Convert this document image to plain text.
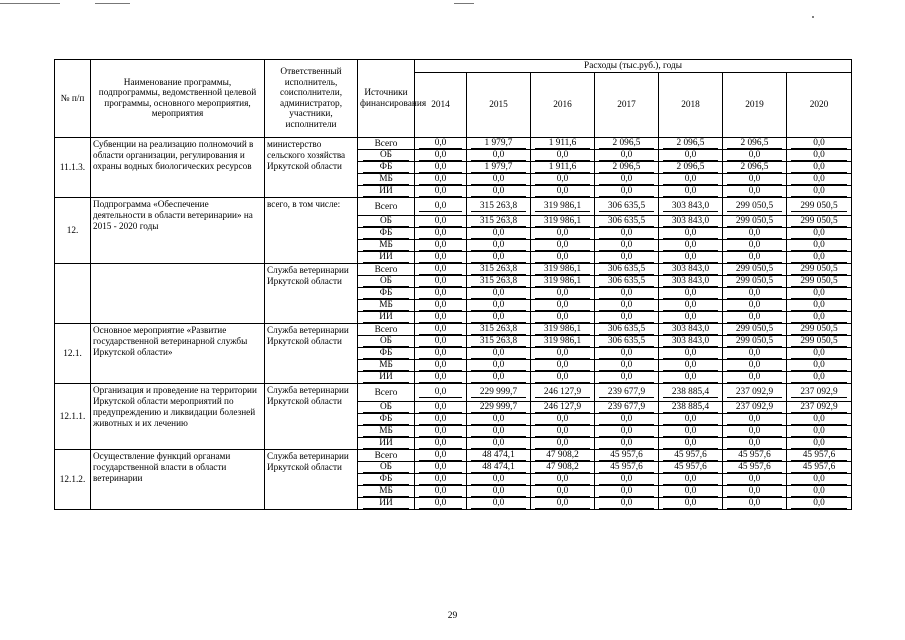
№ п/п	Наименование программы, подпрограммы, ведомственной целевой программы, основного мероприятия, мероприятия	Ответственный исполнитель, соисполнители, администратор, участники, исполнители	Источники финансирования	Расходы (тыс.руб.), годы						
				2014	2015	2016	2017	2018	2019	2020
11.1.3.	Субвенции на реализацию полномочий в области организации, регулирования и охраны водных биологических ресурсов	министерство сельского хозяйства Иркутской области	Всего	0,0	1 979,7	1 911,6	2 096,5	2 096,5	2 096,5	0,0

			ОБ	0,0	0,0	0,0	0,0	0,0	0,0	0,0

			ФБ	0,0	1 979,7	1 911,6	2 096,5	2 096,5	2 096,5	0,0

			МБ	0,0	0,0	0,0	0,0	0,0	0,0	0,0

			ИИ	0,0	0,0	0,0	0,0	0,0	0,0	0,0

12.	Подпрограмма «Обеспечение деятельности в области ветеринарии» на 2015 - 2020 годы	всего, в том числе:	Всего	0,0	315 263,8	319 986,1	306 635,5	303 843,0	299 050,5	299 050,5

			ОБ	0,0	315 263,8	319 986,1	306 635,5	303 843,0	299 050,5	299 050,5

			ФБ	0,0	0,0	0,0	0,0	0,0	0,0	0,0

			МБ	0,0	0,0	0,0	0,0	0,0	0,0	0,0

			ИИ	0,0	0,0	0,0	0,0	0,0	0,0	0,0

		Служба ветеринарии Иркутской области	Всего	0,0	315 263,8	319 986,1	306 635,5	303 843,0	299 050,5	299 050,5

			ОБ	0,0	315 263,8	319 986,1	306 635,5	303 843,0	299 050,5	299 050,5

			ФБ	0,0	0,0	0,0	0,0	0,0	0,0	0,0

			МБ	0,0	0,0	0,0	0,0	0,0	0,0	0,0

			ИИ	0,0	0,0	0,0	0,0	0,0	0,0	0,0

12.1.	Основное мероприятие «Развитие государственной ветеринарной службы Иркутской области»	Служба ветеринарии Иркутской области	Всего	0,0	315 263,8	319 986,1	306 635,5	303 843,0	299 050,5	299 050,5

			ОБ	0,0	315 263,8	319 986,1	306 635,5	303 843,0	299 050,5	299 050,5

			ФБ	0,0	0,0	0,0	0,0	0,0	0,0	0,0

			МБ	0,0	0,0	0,0	0,0	0,0	0,0	0,0

			ИИ	0,0	0,0	0,0	0,0	0,0	0,0	0,0

12.1.1.	Организация и проведение на территории Иркутской области мероприятий по предупреждению и ликвидации болезней животных и их лечению	Служба ветеринарии Иркутской области	Всего	0,0	229 999,7	246 127,9	239 677,9	238 885,4	237 092,9	237 092,9

			ОБ	0,0	229 999,7	246 127,9	239 677,9	238 885,4	237 092,9	237 092,9

			ФБ	0,0	0,0	0,0	0,0	0,0	0,0	0,0

			МБ	0,0	0,0	0,0	0,0	0,0	0,0	0,0

			ИИ	0,0	0,0	0,0	0,0	0,0	0,0	0,0

12.1.2.	Осуществление функций органами государственной власти в области ветеринарии	Служба ветеринарии Иркутской области	Всего	0,0	48 474,1	47 908,2	45 957,6	45 957,6	45 957,6	45 957,6

			ОБ	0,0	48 474,1	47 908,2	45 957,6	45 957,6	45 957,6	45 957,6

			ФБ	0,0	0,0	0,0	0,0	0,0	0,0	0,0

			МБ	0,0	0,0	0,0	0,0	0,0	0,0	0,0

			ИИ	0,0	0,0	0,0	0,0	0,0	0,0	0,0
29
